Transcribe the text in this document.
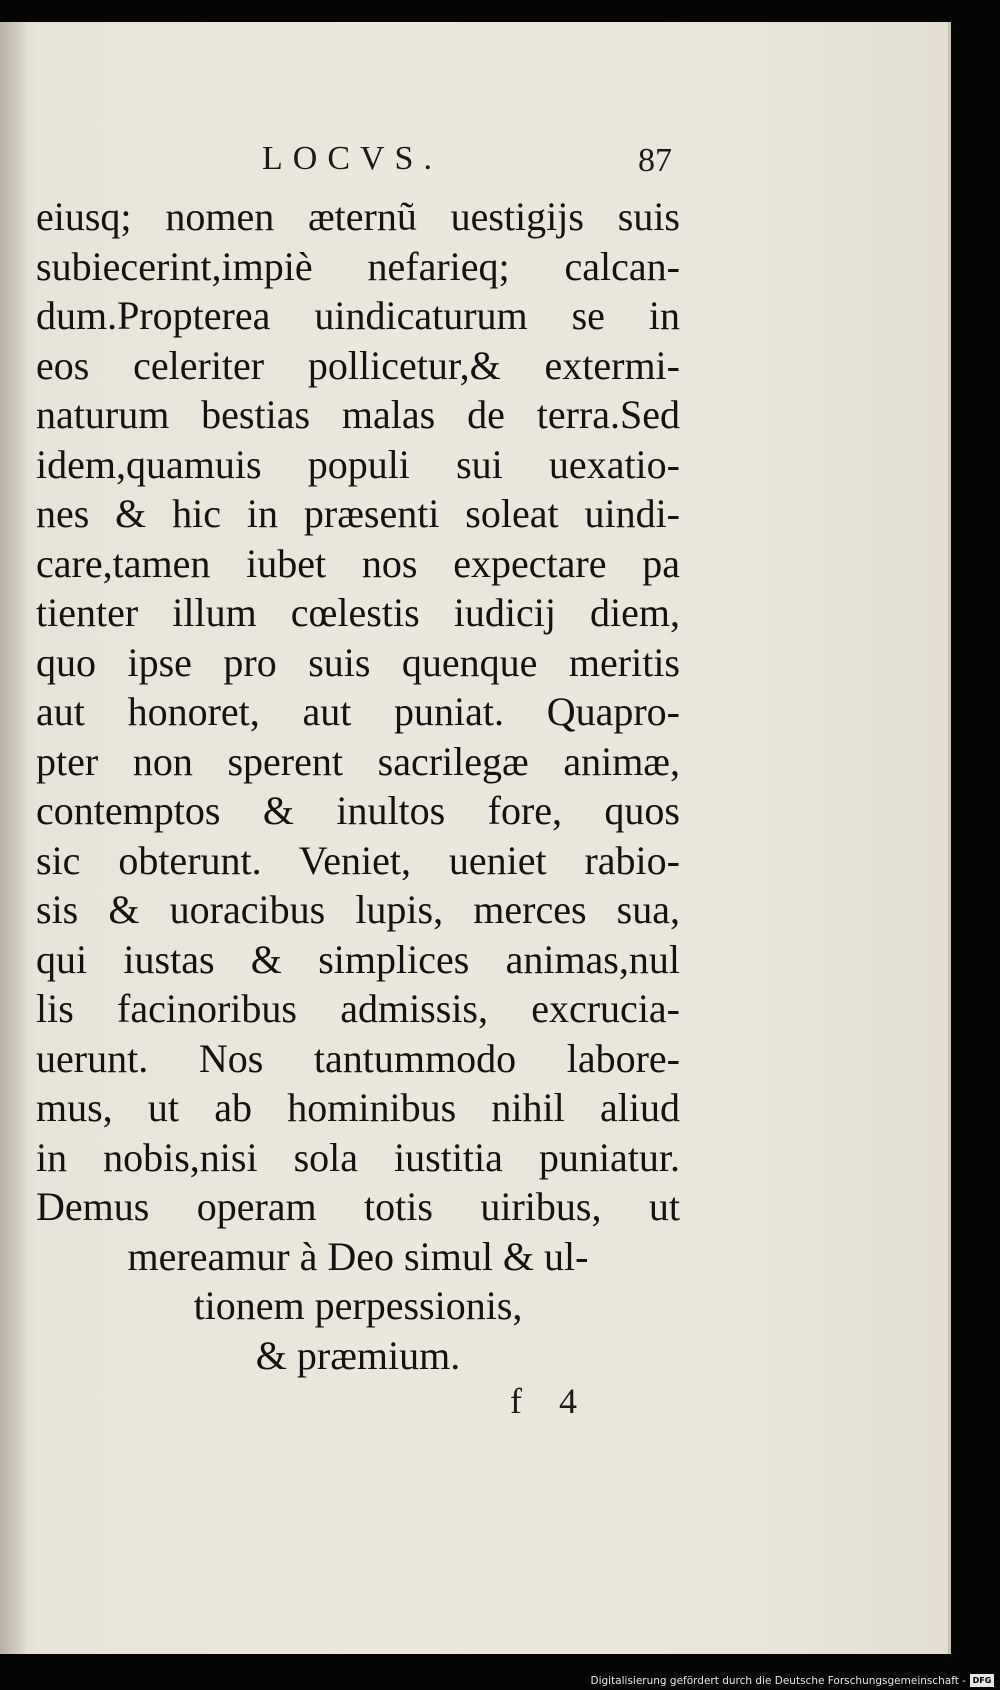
LOCVS.	87
eiusq; nomen æternũ uestigijs suis
subiecerint,impiè nefarieq; calcan-
dum.Propterea uindicaturum se in
eos celeriter pollicetur,& extermi-
naturum bestias malas de terra.Sed
idem,quamuis populi sui uexatio-
nes & hic in præsenti soleat uindi-
care,tamen iubet nos expectare pa
tienter illum cœlestis iudicij diem,
quo ipse pro suis quenque meritis
aut honoret, aut puniat. Quapro-
pter non sperent sacrilegæ animæ,
contemptos & inultos fore, quos
sic obterunt. Veniet, ueniet rabio-
sis & uoracibus lupis, merces sua,
qui iustas & simplices animas,nul
lis facinoribus admissis, excrucia-
uerunt. Nos tantummodo labore-
mus, ut ab hominibus nihil aliud
in nobis,nisi sola iustitia puniatur.
Demus operam totis uiribus, ut
mereamur à Deo simul & ul-
tionem perpessionis,
& præmium.
f 4
Digitalisierung gefördert durch die Deutsche Forschungsgemeinschaft - DFG
